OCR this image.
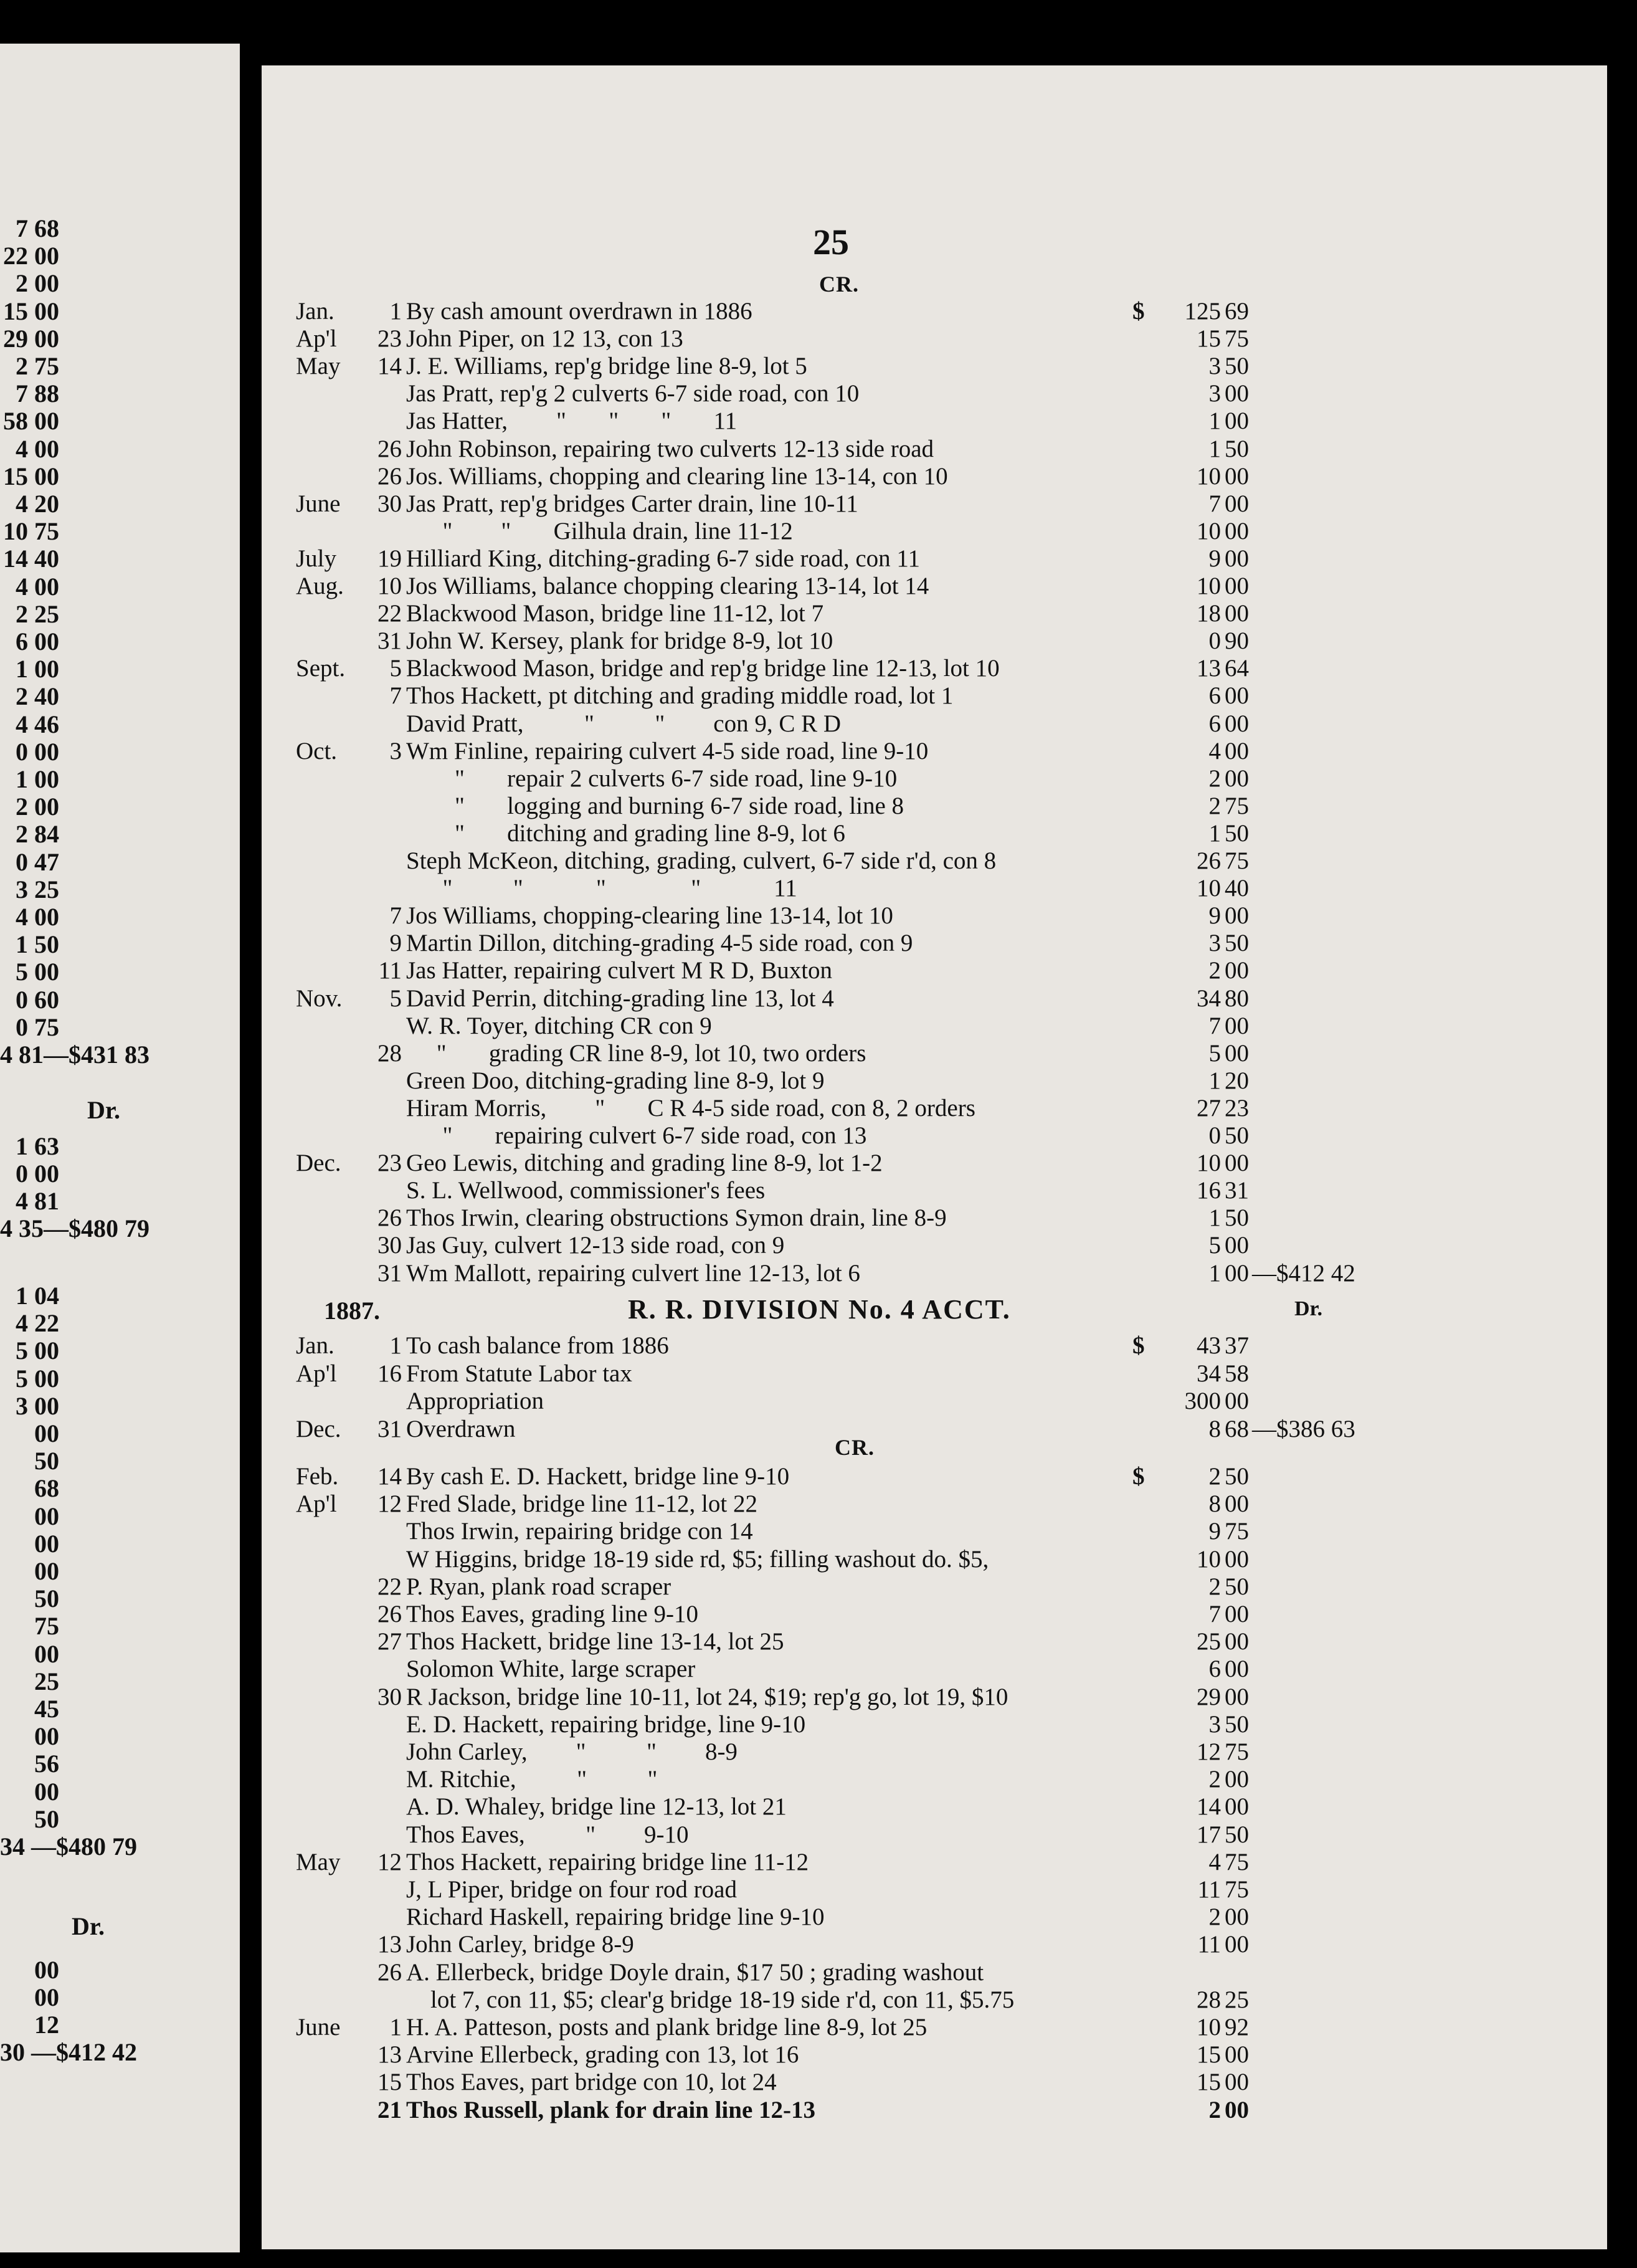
7 68
22 00
2 00
15 00
29 00
2 75
7 88
58 00
4 00
15 00
4 20
10 75
14 40
4 00
2 25
6 00
1 00
2 40
4 46
0 00
1 00
2 00
2 84
0 47
3 25
4 00
1 50
5 00
0 60
0 75
4 81—$431 83
Dr.
1 63
0 00
4 81
4 35—$480 79
1 04
4 22
5 00
5 00
3 00
00
50
68
00
00
00
50
75
00
25
45
00
56
00
50
34 —$480 79
Dr.
00
00
12
30 —$412 42
25
CR.
Jan.	1 By cash amount overdrawn in 1886	$	125 69
Ap'l	23 John Piper, on 12 13, con 13	15 75
May	14 J. E. Williams, rep'g bridge line 8-9, lot 5	3 50
Jas Pratt, rep'g 2 culverts 6-7 side road, con 10	3 00
Jas Hatter,        "       "       "       11	1 00
26 John Robinson, repairing two culverts 12-13 side road	1 50
26 Jos. Williams, chopping and clearing line 13-14, con 10	10 00
June	30 Jas Pratt, rep'g bridges Carter drain, line 10-11	7 00
"        "       Gilhula drain, line 11-12	10 00
July	19 Hilliard King, ditching-grading 6-7 side road, con 11	9 00
Aug.	10 Jos Williams, balance chopping clearing 13-14, lot 14	10 00
22 Blackwood Mason, bridge line 11-12, lot 7	18 00
31 John W. Kersey, plank for bridge 8-9, lot 10	0 90
Sept.	5 Blackwood Mason, bridge and rep'g bridge line 12-13, lot 10	13 64
7 Thos Hackett, pt ditching and grading middle road, lot 1	6 00
David Pratt,          "          "        con 9, C R D	6 00
Oct.	3 Wm Finline, repairing culvert 4-5 side road, line 9-10	4 00
"       repair 2 culverts 6-7 side road, line 9-10	2 00
"       logging and burning 6-7 side road, line 8	2 75
"       ditching and grading line 8-9, lot 6	1 50
Steph McKeon, ditching, grading, culvert, 6-7 side r'd, con 8	26 75
"          "            "              "            11	10 40
7 Jos Williams, chopping-clearing line 13-14, lot 10	9 00
9 Martin Dillon, ditching-grading 4-5 side road, con 9	3 50
11 Jas Hatter, repairing culvert M R D, Buxton	2 00
Nov.	5 David Perrin, ditching-grading line 13, lot 4	34 80
W. R. Toyer, ditching CR con 9	7 00
28 "       grading CR line 8-9, lot 10, two orders	5 00
Green Doo, ditching-grading line 8-9, lot 9	1 20
Hiram Morris,        "       C R 4-5 side road, con 8, 2 orders	27 23
"       repairing culvert 6-7 side road, con 13	0 50
Dec.	23 Geo Lewis, ditching and grading line 8-9, lot 1-2	10 00
S. L. Wellwood, commissioner's fees	16 31
26 Thos Irwin, clearing obstructions Symon drain, line 8-9	1 50
30 Jas Guy, culvert 12-13 side road, con 9	5 00
31 Wm Mallott, repairing culvert line 12-13, lot 6	1 00 —$412 42
1887.	R. R. DIVISION No. 4 ACCT.	Dr.
Jan.	1 To cash balance from 1886	$	43 37
Ap'l	16 From Statute Labor tax	34 58
Appropriation	300 00
Dec.	31 Overdrawn	8 68 —$386 63
CR.
Feb.	14 By cash E. D. Hackett, bridge line 9-10	$	2 50
Ap'l	12 Fred Slade, bridge line 11-12, lot 22	8 00
Thos Irwin, repairing bridge con 14	9 75
W Higgins, bridge 18-19 side rd, $5; filling washout do. $5,	10 00
22 P. Ryan, plank road scraper	2 50
26 Thos Eaves, grading line 9-10	7 00
27 Thos Hackett, bridge line 13-14, lot 25	25 00
Solomon White, large scraper	6 00
30 R Jackson, bridge line 10-11, lot 24, $19; rep'g go, lot 19, $10	29 00
E. D. Hackett, repairing bridge, line 9-10	3 50
John Carley,        "          "        8-9	12 75
M. Ritchie,          "          "	2 00
A. D. Whaley, bridge line 12-13, lot 21	14 00
Thos Eaves,          "        9-10	17 50
May	12 Thos Hackett, repairing bridge line 11-12	4 75
J, L Piper, bridge on four rod road	11 75
Richard Haskell, repairing bridge line 9-10	2 00
13 John Carley, bridge 8-9	11 00
26 A. Ellerbeck, bridge Doyle drain, $17 50 ; grading washout
lot 7, con 11, $5; clear'g bridge 18-19 side r'd, con 11, $5.75	28 25
June	1 H. A. Patteson, posts and plank bridge line 8-9, lot 25	10 92
13 Arvine Ellerbeck, grading con 13, lot 16	15 00
15 Thos Eaves, part bridge con 10, lot 24	15 00
21 Thos Russell, plank for drain line 12-13	2 00
